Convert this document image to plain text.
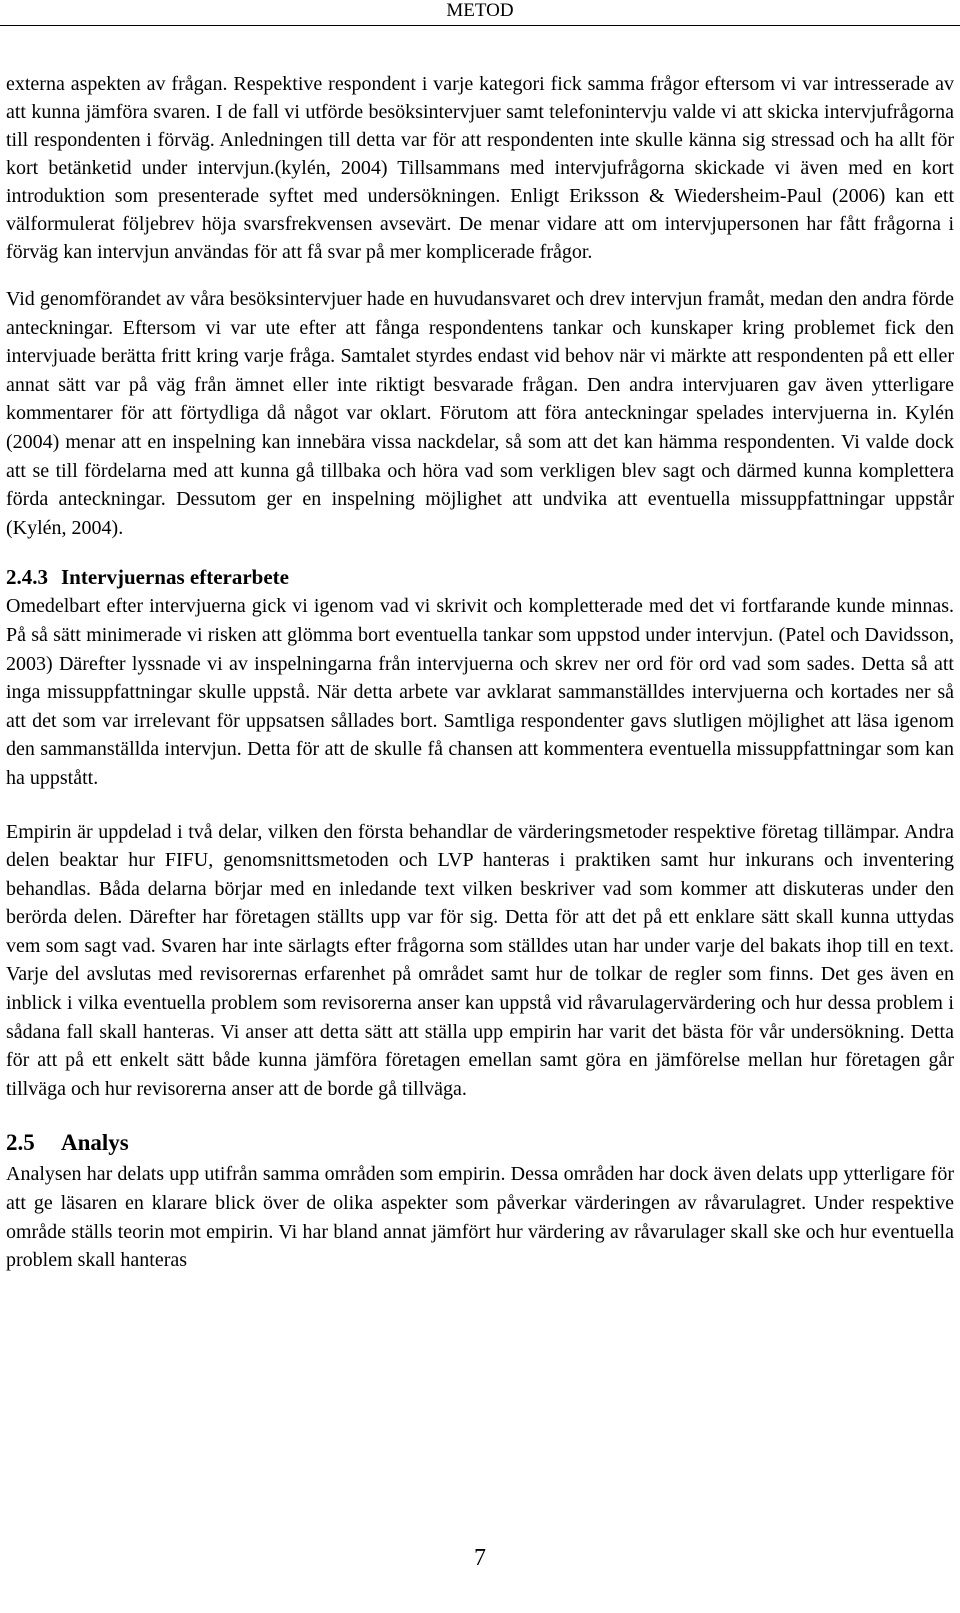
METOD

externa aspekten av frågan. Respektive respondent i varje kategori fick samma frågor eftersom vi var intresserade av att kunna jämföra svaren. I de fall vi utförde besöksintervjuer samt telefonintervju valde vi att skicka intervjufrågorna till respondenten i förväg. Anledningen till detta var för att respondenten inte skulle känna sig stressad och ha allt för kort betänketid under intervjun.(kylén, 2004) Tillsammans med intervjufrågorna skickade vi även med en kort introduktion som presenterade syftet med undersökningen. Enligt Eriksson & Wiedersheim-Paul (2006) kan ett välformulerat följebrev höja svarsfrekvensen avsevärt. De menar vidare att om intervjupersonen har fått frågorna i förväg kan intervjun användas för att få svar på mer komplicerade frågor.

Vid genomförandet av våra besöksintervjuer hade en huvudansvaret och drev intervjun framåt, medan den andra förde anteckningar. Eftersom vi var ute efter att fånga respondentens tankar och kunskaper kring problemet fick den intervjuade berätta fritt kring varje fråga. Samtalet styrdes endast vid behov när vi märkte att respondenten på ett eller annat sätt var på väg från ämnet eller inte riktigt besvarade frågan. Den andra intervjuaren gav även ytterligare kommentarer för att förtydliga då något var oklart. Förutom att föra anteckningar spelades intervjuerna in. Kylén (2004) menar att en inspelning kan innebära vissa nackdelar, så som att det kan hämma respondenten. Vi valde dock att se till fördelarna med att kunna gå tillbaka och höra vad som verkligen blev sagt och därmed kunna komplettera förda anteckningar. Dessutom ger en inspelning möjlighet att undvika att eventuella missuppfattningar uppstår (Kylén, 2004).

2.4.3 Intervjuernas efterarbete

Omedelbart efter intervjuerna gick vi igenom vad vi skrivit och kompletterade med det vi fortfarande kunde minnas. På så sätt minimerade vi risken att glömma bort eventuella tankar som uppstod under intervjun. (Patel och Davidsson, 2003) Därefter lyssnade vi av inspelningarna från intervjuerna och skrev ner ord för ord vad som sades. Detta så att inga missuppfattningar skulle uppstå. När detta arbete var avklarat sammanställdes intervjuerna och kortades ner så att det som var irrelevant för uppsatsen sållades bort. Samtliga respondenter gavs slutligen möjlighet att läsa igenom den sammanställda intervjun. Detta för att de skulle få chansen att kommentera eventuella missuppfattningar som kan ha uppstått.

Empirin är uppdelad i två delar, vilken den första behandlar de värderingsmetoder respektive företag tillämpar. Andra delen beaktar hur FIFU, genomsnittsmetoden och LVP hanteras i praktiken samt hur inkurans och inventering behandlas. Båda delarna börjar med en inledande text vilken beskriver vad som kommer att diskuteras under den berörda delen. Därefter har företagen ställts upp var för sig. Detta för att det på ett enklare sätt skall kunna uttydas vem som sagt vad. Svaren har inte särlagts efter frågorna som ställdes utan har under varje del bakats ihop till en text. Varje del avslutas med revisorernas erfarenhet på området samt hur de tolkar de regler som finns. Det ges även en inblick i vilka eventuella problem som revisorerna anser kan uppstå vid råvarulagervärdering och hur dessa problem i sådana fall skall hanteras. Vi anser att detta sätt att ställa upp empirin har varit det bästa för vår undersökning. Detta för att på ett enkelt sätt både kunna jämföra företagen emellan samt göra en jämförelse mellan hur företagen går tillväga och hur revisorerna anser att de borde gå tillväga.

2.5 Analys

Analysen har delats upp utifrån samma områden som empirin. Dessa områden har dock även delats upp ytterligare för att ge läsaren en klarare blick över de olika aspekter som påverkar värderingen av råvarulagret. Under respektive område ställs teorin mot empirin. Vi har bland annat jämfört hur värdering av råvarulager skall ske och hur eventuella problem skall hanteras

7
